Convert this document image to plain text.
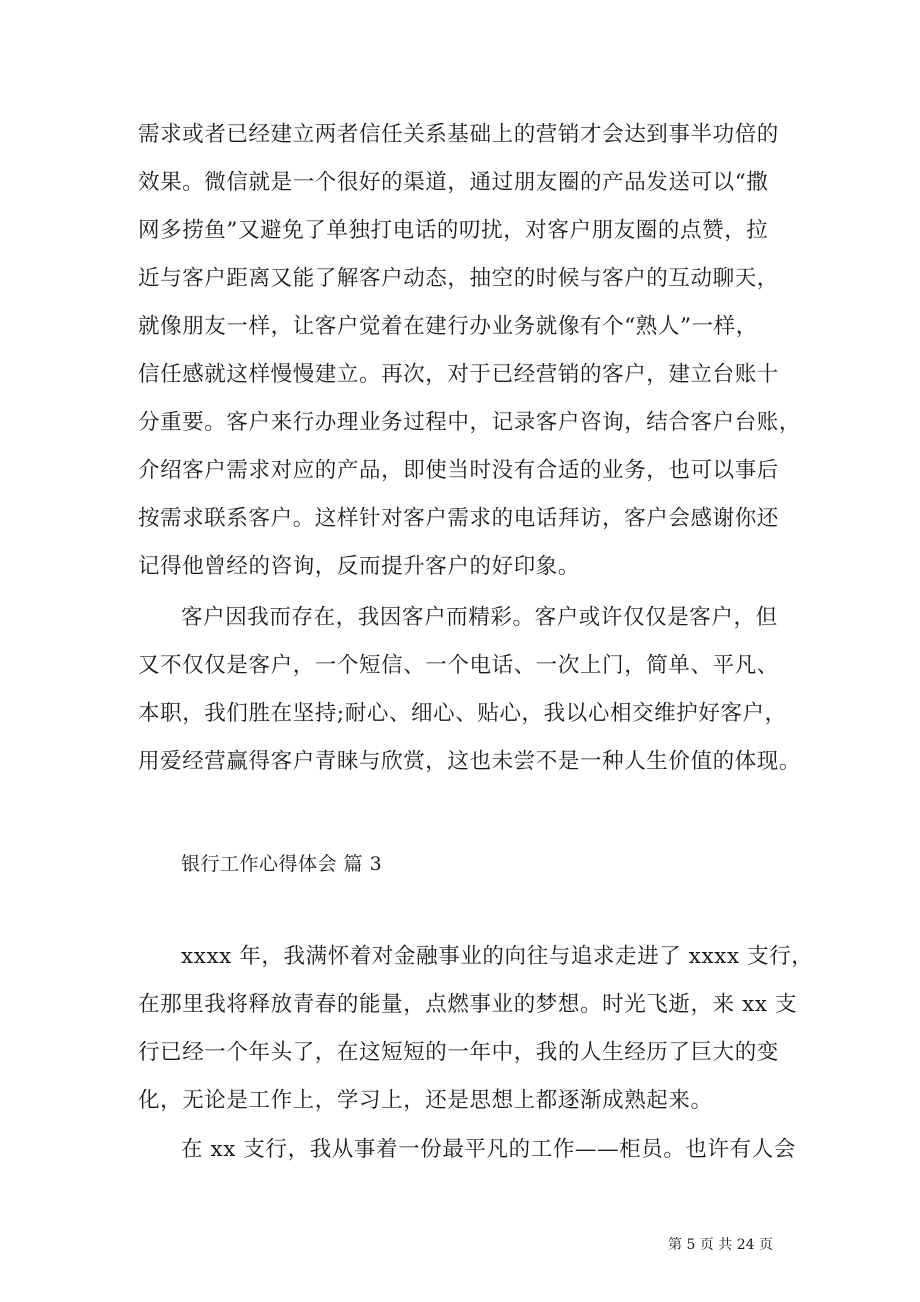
需求或者已经建立两者信任关系基础上的营销才会达到事半功倍的
效果。微信就是一个很好的渠道，通过朋友圈的产品发送可以“撒
网多捞鱼”又避免了单独打电话的叨扰，对客户朋友圈的点赞，拉
近与客户距离又能了解客户动态，抽空的时候与客户的互动聊天，
就像朋友一样，让客户觉着在建行办业务就像有个“熟人”一样，
信任感就这样慢慢建立。再次，对于已经营销的客户，建立台账十
分重要。客户来行办理业务过程中，记录客户咨询，结合客户台账，
介绍客户需求对应的产品，即使当时没有合适的业务，也可以事后
按需求联系客户。这样针对客户需求的电话拜访，客户会感谢你还
记得他曾经的咨询，反而提升客户的好印象。
客户因我而存在，我因客户而精彩。客户或许仅仅是客户，但
又不仅仅是客户，一个短信、一个电话、一次上门，简单、平凡、
本职，我们胜在坚持;耐心、细心、贴心，我以心相交维护好客户，
用爱经营赢得客户青睐与欣赏，这也未尝不是一种人生价值的体现。
银行工作心得体会 篇 3
xxxx 年，我满怀着对金融事业的向往与追求走进了 xxxx 支行，
在那里我将释放青春的能量，点燃事业的梦想。时光飞逝，来 xx 支
行已经一个年头了，在这短短的一年中，我的人生经历了巨大的变
化，无论是工作上，学习上，还是思想上都逐渐成熟起来。
在 xx 支行，我从事着一份最平凡的工作——柜员。也许有人会
第 5 页 共 24 页
